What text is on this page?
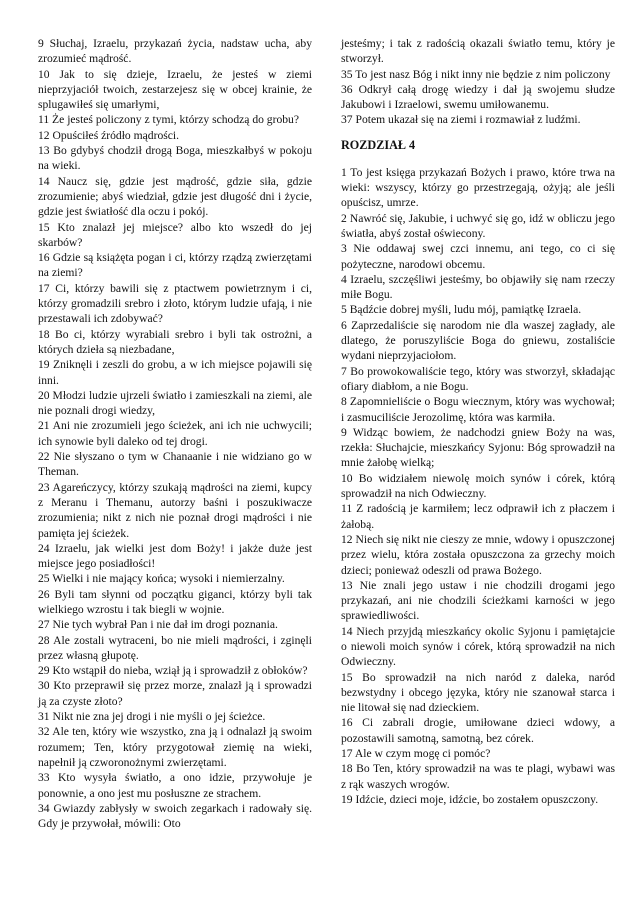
9 Słuchaj, Izraelu, przykazań życia, nadstaw ucha, aby zrozumieć mądrość.

10 Jak to się dzieje, Izraelu, że jesteś w ziemi nieprzyjaciół twoich, zestarzejesz się w obcej krainie, że splugawiłeś się umarłymi,

11 Że jesteś policzony z tymi, którzy schodzą do grobu?

12 Opuściłeś źródło mądrości.

13 Bo gdybyś chodził drogą Boga, mieszkałbyś w pokoju na wieki.

14 Naucz się, gdzie jest mądrość, gdzie siła, gdzie zrozumienie; abyś wiedział, gdzie jest długość dni i życie, gdzie jest światłość dla oczu i pokój.

15 Kto znalazł jej miejsce? albo kto wszedł do jej skarbów?

16 Gdzie są książęta pogan i ci, którzy rządzą zwierzętami na ziemi?

17 Ci, którzy bawili się z ptactwem powietrznym i ci, którzy gromadzili srebro i złoto, którym ludzie ufają, i nie przestawali ich zdobywać?

18 Bo ci, którzy wyrabiali srebro i byli tak ostrożni, a których dzieła są niezbadane,

19 Zniknęli i zeszli do grobu, a w ich miejsce pojawili się inni.

20 Młodzi ludzie ujrzeli światło i zamieszkali na ziemi, ale nie poznali drogi wiedzy,

21 Ani nie zrozumieli jego ścieżek, ani ich nie uchwycili; ich synowie byli daleko od tej drogi.

22 Nie słyszano o tym w Chanaanie i nie widziano go w Theman.

23 Agareńczycy, którzy szukają mądrości na ziemi, kupcy z Meranu i Themanu, autorzy baśni i poszukiwacze zrozumienia; nikt z nich nie poznał drogi mądrości i nie pamięta jej ścieżek.

24 Izraelu, jak wielki jest dom Boży! i jakże duże jest miejsce jego posiadłości!

25 Wielki i nie mający końca; wysoki i niemierzalny.

26 Byli tam słynni od początku giganci, którzy byli tak wielkiego wzrostu i tak biegli w wojnie.

27 Nie tych wybrał Pan i nie dał im drogi poznania.

28 Ale zostali wytraceni, bo nie mieli mądrości, i zginęli przez własną głupotę.

29 Kto wstąpił do nieba, wziął ją i sprowadził z obłoków?

30 Kto przeprawił się przez morze, znalazł ją i sprowadzi ją za czyste złoto?

31 Nikt nie zna jej drogi i nie myśli o jej ścieżce.

32 Ale ten, który wie wszystko, zna ją i odnalazł ją swoim rozumem; Ten, który przygotował ziemię na wieki, napełnił ją czworonożnymi zwierzętami.

33 Kto wysyła światło, a ono idzie, przywołuje je ponownie, a ono jest mu posłuszne ze strachem.

34 Gwiazdy zabłysły w swoich zegarkach i radowały się. Gdy je przywołał, mówili: Oto

jesteśmy; i tak z radością okazali światło temu, który je stworzył.

35 To jest nasz Bóg i nikt inny nie będzie z nim policzony

36 Odkrył całą drogę wiedzy i dał ją swojemu słudze Jakubowi i Izraelowi, swemu umiłowanemu.

37 Potem ukazał się na ziemi i rozmawiał z ludźmi.

ROZDZIAŁ 4

1 To jest księga przykazań Bożych i prawo, które trwa na wieki: wszyscy, którzy go przestrzegają, ożyją; ale jeśli opuścisz, umrze.

2 Nawróć się, Jakubie, i uchwyć się go, idź w obliczu jego światła, abyś został oświecony.

3 Nie oddawaj swej czci innemu, ani tego, co ci się pożyteczne, narodowi obcemu.

4 Izraelu, szczęśliwi jesteśmy, bo objawiły się nam rzeczy miłe Bogu.

5 Bądźcie dobrej myśli, ludu mój, pamiątkę Izraela.

6 Zaprzedaliście się narodom nie dla waszej zagłady, ale dlatego, że poruszyliście Boga do gniewu, zostaliście wydani nieprzyjaciołom.

7 Bo prowokowaliście tego, który was stworzył, składając ofiary diabłom, a nie Bogu.

8 Zapomnieliście o Bogu wiecznym, który was wychował; i zasmuciliście Jerozolimę, która was karmiła.

9 Widząc bowiem, że nadchodzi gniew Boży na was, rzekła: Słuchajcie, mieszkańcy Syjonu: Bóg sprowadził na mnie żałobę wielką;

10 Bo widziałem niewolę moich synów i córek, którą sprowadził na nich Odwieczny.

11 Z radością je karmiłem; lecz odprawił ich z płaczem i żałobą.

12 Niech się nikt nie cieszy ze mnie, wdowy i opuszczonej przez wielu, która została opuszczona za grzechy moich dzieci; ponieważ odeszli od prawa Bożego.

13 Nie znali jego ustaw i nie chodzili drogami jego przykazań, ani nie chodzili ścieżkami karności w jego sprawiedliwości.

14 Niech przyjdą mieszkańcy okolic Syjonu i pamiętajcie o niewoli moich synów i córek, którą sprowadził na nich Odwieczny.

15 Bo sprowadził na nich naród z daleka, naród bezwstydny i obcego języka, który nie szanował starca i nie litował się nad dzieckiem.

16 Ci zabrali drogie, umiłowane dzieci wdowy, a pozostawili samotną, samotną, bez córek.

17 Ale w czym mogę ci pomóc?

18 Bo Ten, który sprowadził na was te plagi, wybawi was z rąk waszych wrogów.

19 Idźcie, dzieci moje, idźcie, bo zostałem opuszczony.
